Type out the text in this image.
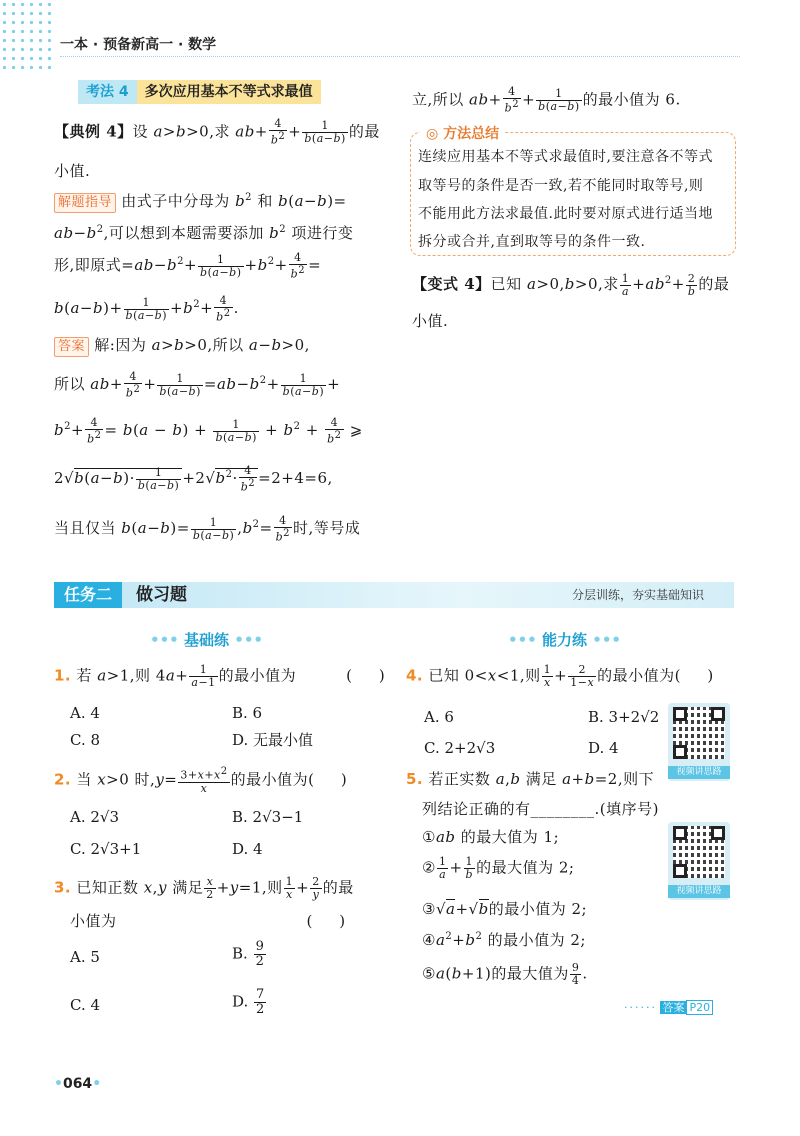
一本 · 预备新高一 · 数学
考法 4	多次应用基本不等式求最值
【典例 4】设 a>b>0,求 $ab+ \frac{4}{b^2} + \frac{1}{b(a-b)}$ 的最
小值.
解题指导 由式子中分母为 $b^2$ 和 b(a−b)=
$ab-b^2$,可以想到本题需要添加 $b^2$ 项进行变
形,即原式$=ab-b^2+ \frac{1}{b(a-b)} +b^2+ \frac{4}{b^2}$ =
$b(a-b)+ \frac{1}{b(a-b)} +b^2+ \frac{4}{b^2}$ .
答案 解:因为 a>b>0,所以 a−b>0,
所以 $ab+ \frac{4}{b^2} + \frac{1}{b(a-b)} =ab-b^2+ \frac{1}{b(a-b)}$ +
$b^2+ \frac{4}{b^2} = b(a - b) + \frac{1}{b(a-b)} + b^2 + \frac{4}{b^2}$ ⩾
$2√b(a-b)\cdot \frac{1}{b(a-b)} +2√b^2\cdot \frac{4}{b^2} =2+4=6$,
当且仅当 $b(a-b)= \frac{1}{b(a-b)} ,b^2= \frac{4}{b^2}$ 时,等号成
立,所以 $ab+ \frac{4}{b^2} + \frac{1}{b(a-b)}$ 的最小值为 6.
◎ 方法总结
连续应用基本不等式求最值时,要注意各不等式
取等号的条件是否一致,若不能同时取等号,则
不能用此方法求最值.此时要对原式进行适当地
拆分或合并,直到取等号的条件一致.
【变式 4】已知 a>0,b>0,求 $\frac{1}{a} +ab^2+ \frac{2}{b}$ 的最
小值.
任务二	做习题	分层训练，夯实基础知识
••• 基础练 •••	••• 能力练 •••
1. 若 a>1,则 $4a+ \frac{1}{a-1}$ 的最小值为	(     )
A. 4	B. 6
C. 8	D. 无最小值
2. 当 x>0 时$,y= \frac{3+x+x^2}{x}$ 的最小值为(     )
A. 2√3	B. 2√3−1
C. 2√3+1	D. 4
3. 已知正数 x,y 满足 $\frac{x}{2} +y=1$,则 $\frac{1}{x} + \frac{2}{y}$ 的最
小值为	(     )
A. 5	B. $\frac{9}{2}$
C. 4	D. $\frac{7}{2}$
4. 已知 0<x<1,则 $\frac{1}{x} + \frac{2}{1-x}$ 的最小值为(     )
A. 6	B. 3+2√2
C. 2+2√3	D. 4
视频讲思路
5. 若正实数 a,b 满足 a+b=2,则下
列结论正确的有________.(填序号)
①ab 的最大值为 1;
② $\frac{1}{a} + \frac{1}{b}$ 的最大值为 2;
③√a+√b的最小值为 2;
$④a^2+b^2$ 的最小值为 2;
⑤a(b+1)的最大值为 $\frac{9}{4}$ .
视频讲思路
······ 答案 P20
•064•
